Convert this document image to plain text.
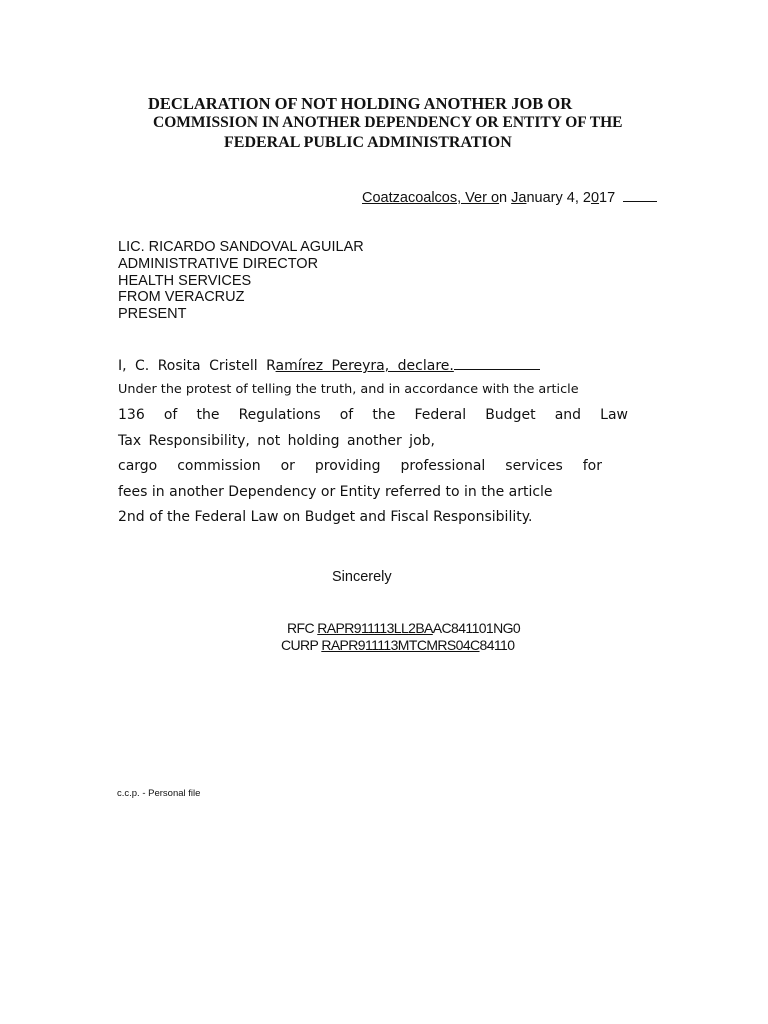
DECLARATION OF NOT HOLDING ANOTHER JOB OR
COMMISSION IN ANOTHER DEPENDENCY OR ENTITY OF THE
FEDERAL PUBLIC ADMINISTRATION
Coatzacoalcos, Ver on January 4, 2017
LIC. RICARDO SANDOVAL AGUILAR
ADMINISTRATIVE DIRECTOR
HEALTH SERVICES
FROM VERACRUZ
PRESENT
I, C. Rosita Cristell Ramírez Pereyra, declare.
Under the protest of telling the truth, and in accordance with the article
136 of the Regulations of the Federal Budget and Law
Tax Responsibility, not holding another job,
cargo commission or providing professional services for
fees in another Dependency or Entity referred to in the article
2nd of the Federal Law on Budget and Fiscal Responsibility.
Sincerely
RFC RAPR911113LL2BAAC841101NG0
CURP RAPR911113MTCMRS04C84110
c.c.p. - Personal file
